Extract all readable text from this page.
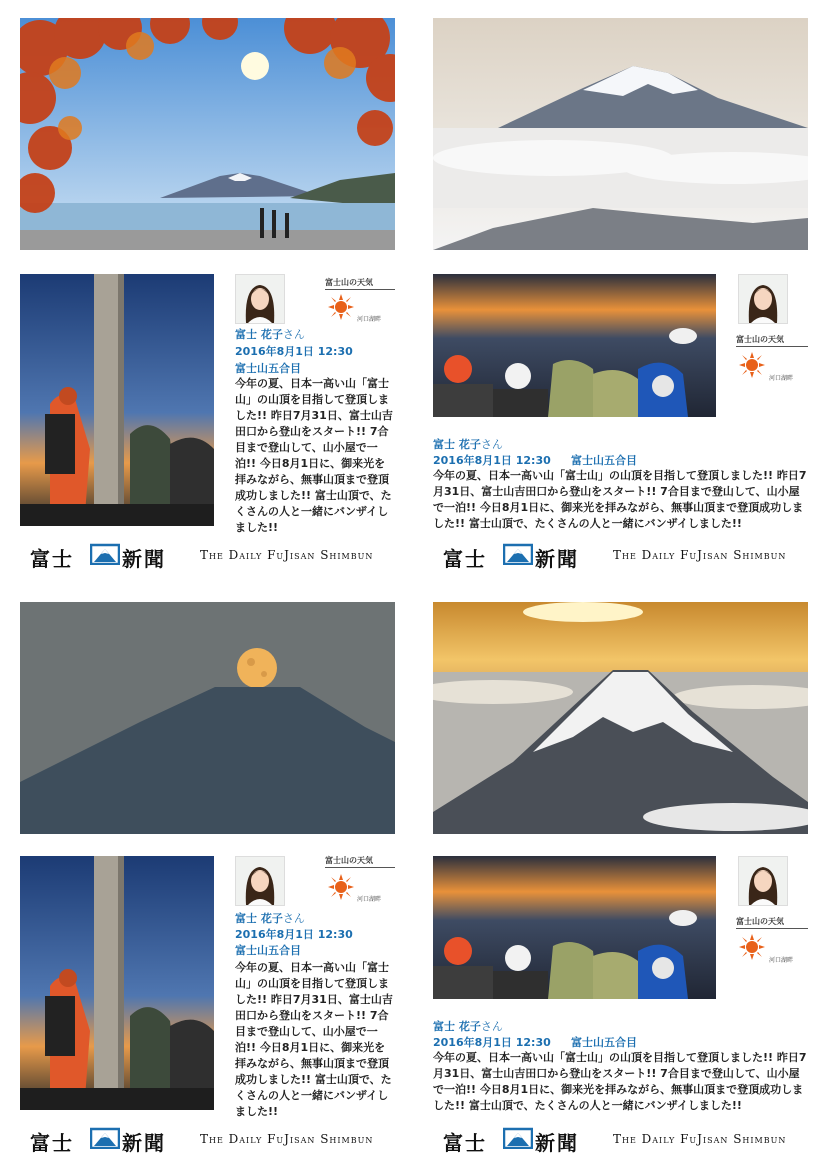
富士山の天気
河口湖畔
富士 花子さん
2016年8月1日 12:30
富士山五合目
今年の夏、日本一高い山「富士山」の山頂を目指して登頂しました!! 昨日7月31日、富士山吉田口から登山をスタート!! 7合目まで登山して、山小屋で一泊!! 今日8月1日に、御来光を拝みながら、無事山頂まで登頂成功しました!! 富士山頂で、たくさんの人と一緒にバンザイしました!!
富士 新聞	The Daily FuJisan Shimbun
富士山の天気
河口湖畔
富士 花子さん
2016年8月1日 12:30 富士山五合目
今年の夏、日本一高い山「富士山」の山頂を目指して登頂しました!! 昨日7月31日、富士山吉田口から登山をスタート!! 7合目まで登山して、山小屋で一泊!! 今日8月1日に、御来光を拝みながら、無事山頂まで登頂成功しました!! 富士山頂で、たくさんの人と一緒にバンザイしました!!
富士 新聞	The Daily FuJisan Shimbun
富士山の天気
河口湖畔
富士 花子さん
2016年8月1日 12:30
富士山五合目
今年の夏、日本一高い山「富士山」の山頂を目指して登頂しました!! 昨日7月31日、富士山吉田口から登山をスタート!! 7合目まで登山して、山小屋で一泊!! 今日8月1日に、御来光を拝みながら、無事山頂まで登頂成功しました!! 富士山頂で、たくさんの人と一緒にバンザイしました!!
富士 新聞	The Daily FuJisan Shimbun
富士山の天気
河口湖畔
富士 花子さん
2016年8月1日 12:30 富士山五合目
今年の夏、日本一高い山「富士山」の山頂を目指して登頂しました!! 昨日7月31日、富士山吉田口から登山をスタート!! 7合目まで登山して、山小屋で一泊!! 今日8月1日に、御来光を拝みながら、無事山頂まで登頂成功しました!! 富士山頂で、たくさんの人と一緒にバンザイしました!!
富士 新聞	The Daily FuJisan Shimbun
